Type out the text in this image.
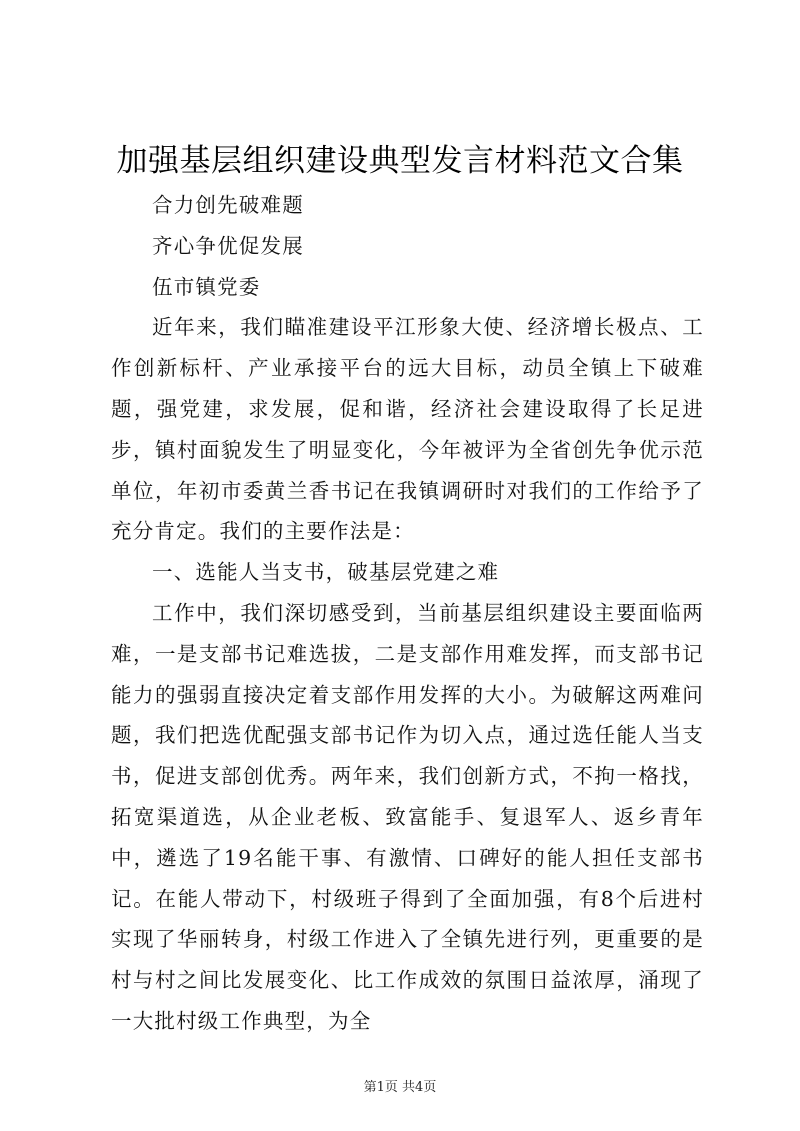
加强基层组织建设典型发言材料范文合集

合力创先破难题

齐心争优促发展

伍市镇党委

近年来，我们瞄准建设平江形象大使、经济增长极点、工作创新标杆、产业承接平台的远大目标，动员全镇上下破难题，强党建，求发展，促和谐，经济社会建设取得了长足进步，镇村面貌发生了明显变化，今年被评为全省创先争优示范单位，年初市委黄兰香书记在我镇调研时对我们的工作给予了充分肯定。我们的主要作法是：

一、选能人当支书，破基层党建之难

工作中，我们深切感受到，当前基层组织建设主要面临两难，一是支部书记难选拔，二是支部作用难发挥，而支部书记能力的强弱直接决定着支部作用发挥的大小。为破解这两难问题，我们把选优配强支部书记作为切入点，通过选任能人当支书，促进支部创优秀。两年来，我们创新方式，不拘一格找，拓宽渠道选，从企业老板、致富能手、复退军人、返乡青年中，遴选了19名能干事、有激情、口碑好的能人担任支部书记。在能人带动下，村级班子得到了全面加强，有8个后进村实现了华丽转身，村级工作进入了全镇先进行列，更重要的是村与村之间比发展变化、比工作成效的氛围日益浓厚，涌现了一大批村级工作典型，为全

第1页 共4页
